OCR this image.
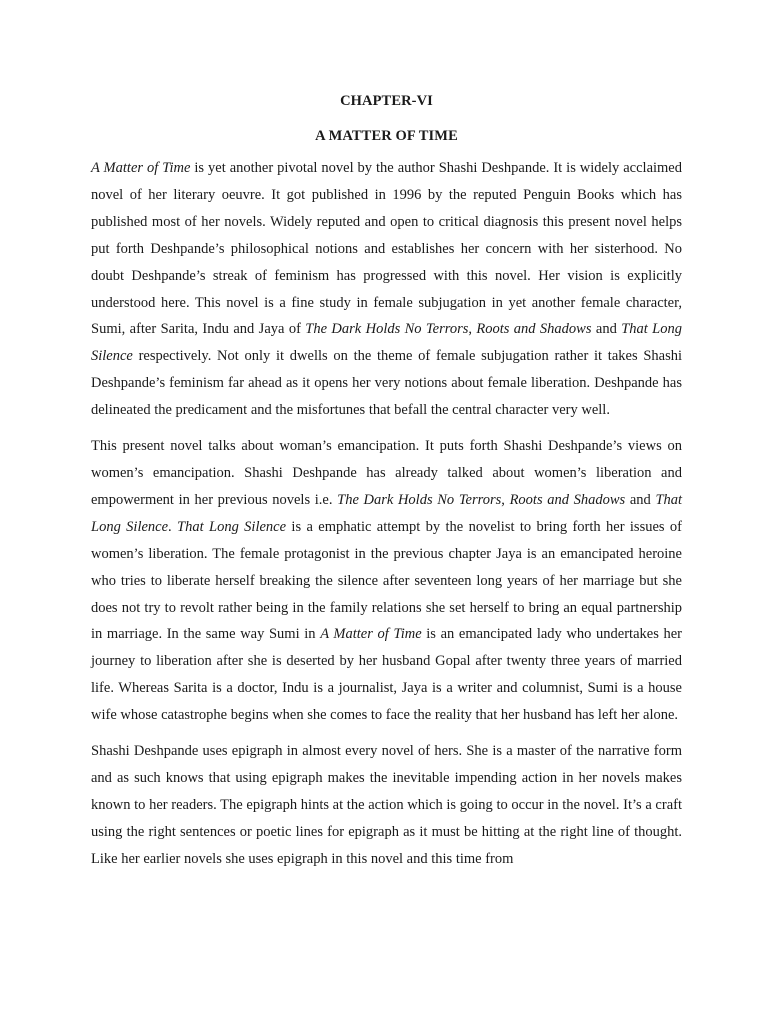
CHAPTER-VI
A MATTER OF TIME

A Matter of Time is yet another pivotal novel by the author Shashi Deshpande. It is widely acclaimed novel of her literary oeuvre. It got published in 1996 by the reputed Penguin Books which has published most of her novels. Widely reputed and open to critical diagnosis this present novel helps put forth Deshpande’s philosophical notions and establishes her concern with her sisterhood. No doubt Deshpande’s streak of feminism has progressed with this novel. Her vision is explicitly understood here. This novel is a fine study in female subjugation in yet another female character, Sumi, after Sarita, Indu and Jaya of The Dark Holds No Terrors, Roots and Shadows and That Long Silence respectively. Not only it dwells on the theme of female subjugation rather it takes Shashi Deshpande’s feminism far ahead as it opens her very notions about female liberation. Deshpande has delineated the predicament and the misfortunes that befall the central character very well.

This present novel talks about woman’s emancipation. It puts forth Shashi Deshpande’s views on women’s emancipation. Shashi Deshpande has already talked about women’s liberation and empowerment in her previous novels i.e. The Dark Holds No Terrors, Roots and Shadows and That Long Silence. That Long Silence is a emphatic attempt by the novelist to bring forth her issues of women’s liberation. The female protagonist in the previous chapter Jaya is an emancipated heroine who tries to liberate herself breaking the silence after seventeen long years of her marriage but she does not try to revolt rather being in the family relations she set herself to bring an equal partnership in marriage. In the same way Sumi in A Matter of Time is an emancipated lady who undertakes her journey to liberation after she is deserted by her husband Gopal after twenty three years of married life. Whereas Sarita is a doctor, Indu is a journalist, Jaya is a writer and columnist, Sumi is a house wife whose catastrophe begins when she comes to face the reality that her husband has left her alone.

Shashi Deshpande uses epigraph in almost every novel of hers. She is a master of the narrative form and as such knows that using epigraph makes the inevitable impending action in her novels makes known to her readers. The epigraph hints at the action which is going to occur in the novel. It’s a craft using the right sentences or poetic lines for epigraph as it must be hitting at the right line of thought. Like her earlier novels she uses epigraph in this novel and this time from
